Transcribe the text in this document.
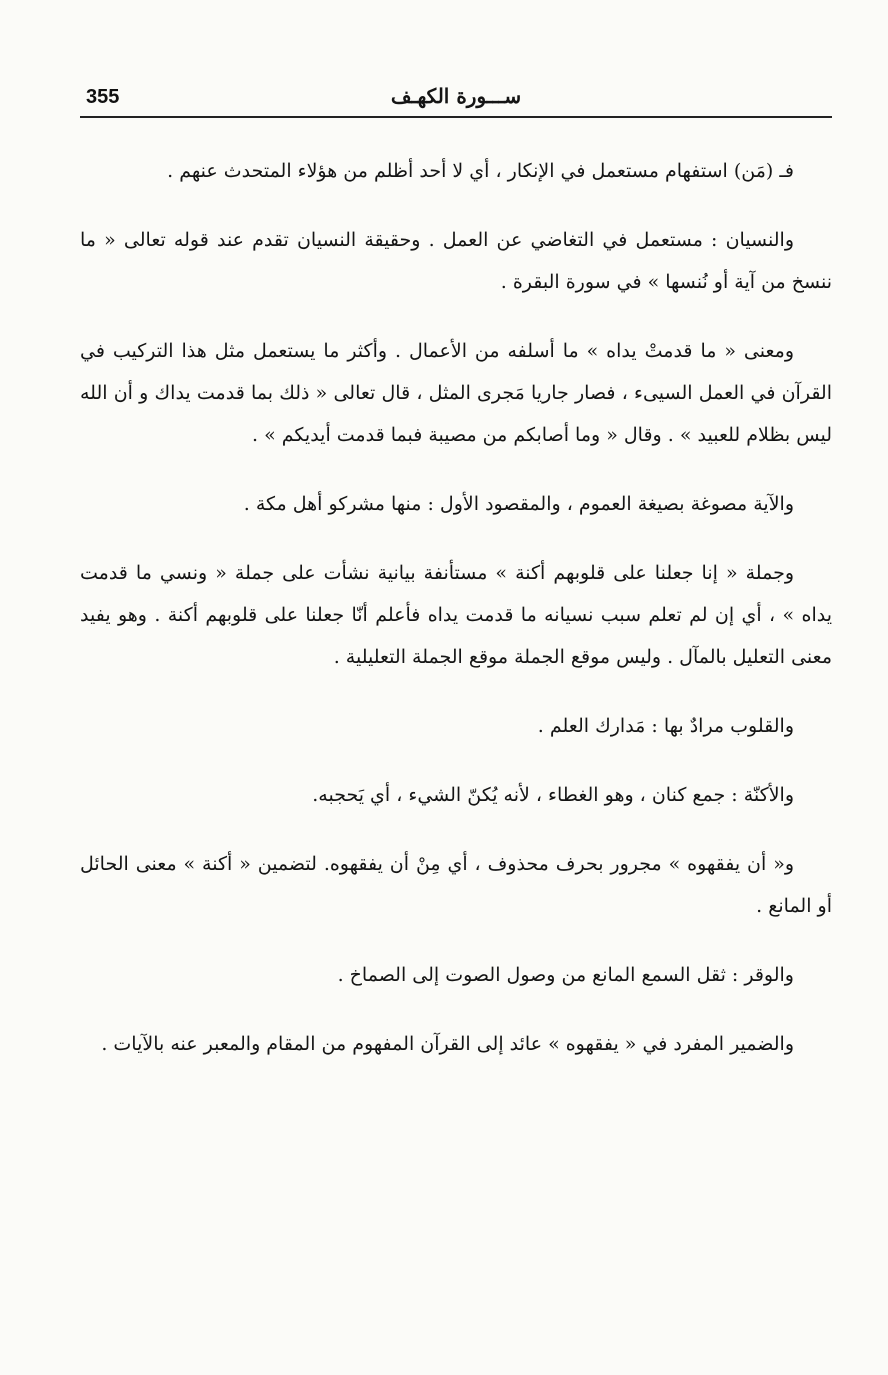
355	ســـورة الكهـف

فـ (مَن) استفهام مستعمل في الإنكار ، أي لا أحد أظلم من هؤلاء المتحدث عنهم .

والنسيان : مستعمل في التغاضي عن العمل . وحقيقة النسيان تقدم عند قوله تعالى « ما ننسخ من آية أو نُنسها » في سورة البقرة .

ومعنى « ما قدمتْ يداه » ما أسلفه من الأعمال . وأكثر ما يستعمل مثل هذا التركيب في القرآن في العمل السيىء ، فصار جاريا مَجرى المثل ، قال تعالى « ذلك بما قدمت يداك و أن الله ليس بظلام للعبيد » . وقال « وما أصابكم من مصيبة فبما قدمت أيديكم » .

والآية مصوغة بصيغة العموم ، والمقصود الأول : منها مشركو أهل مكة .

وجملة « إنا جعلنا على قلوبهم أكنة » مستأنفة بيانية نشأت على جملة « ونسي ما قدمت يداه » ، أي إن لم تعلم سبب نسيانه ما قدمت يداه فأعلم أنّا جعلنا على قلوبهم أكنة . وهو يفيد معنى التعليل بالمآل . وليس موقع الجملة موقع الجملة التعليلية .

والقلوب مرادٌ بها : مَدارك العلم .

والأكنّة : جمع كنان ، وهو الغطاء ، لأنه يُكنّ الشيء ، أي يَحجبه.

و« أن يفقهوه » مجرور بحرف محذوف ، أي مِنْ أن يفقهوه. لتضمين « أكنة » معنى الحائل أو المانع .

والوقر : ثقل السمع المانع من وصول الصوت إلى الصماخ .

والضمير المفرد في « يفقهوه » عائد إلى القرآن المفهوم من المقام والمعبر عنه بالآيات .
